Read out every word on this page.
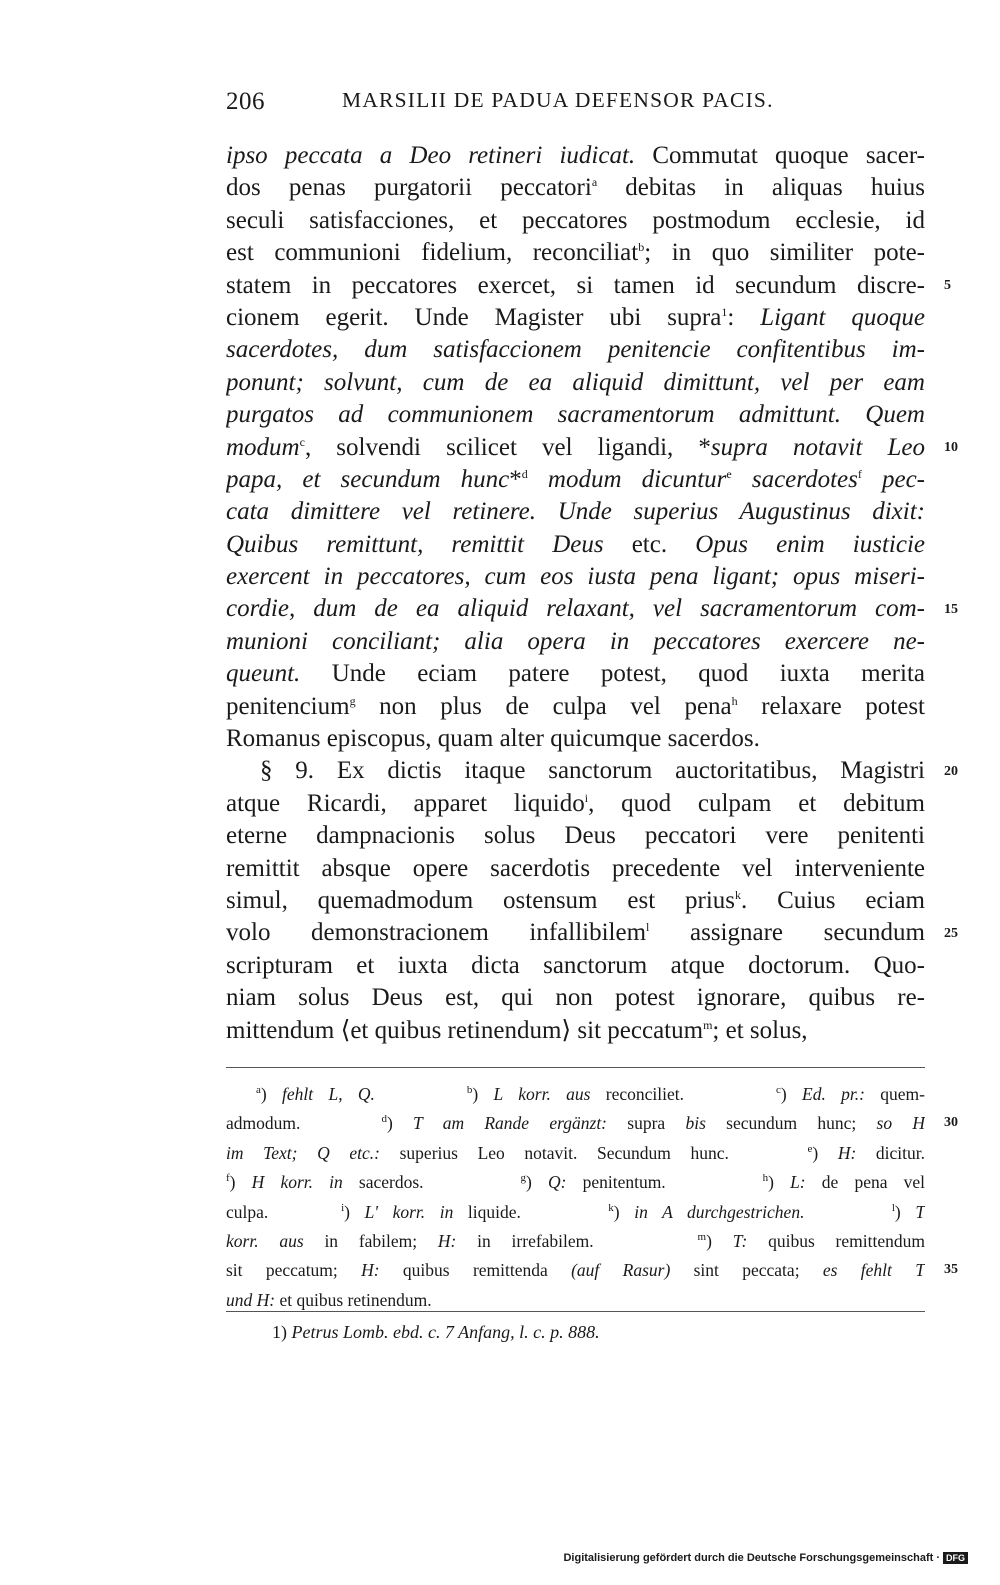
206	MARSILII DE PADUA DEFENSOR PACIS.
ipso peccata a Deo retineri iudicat. Commutat quoque sacer-
dos penas purgatorii peccatori$^a$ debitas in aliquas huius
seculi satisfacciones, et peccatores postmodum ecclesie, id
est communioni fidelium, reconciliat$^b$; in quo similiter pote-
statem in peccatores exercet, si tamen id secundum discre-
cionem egerit. Unde Magister ubi supra$^1$: Ligant quoque
sacerdotes, dum satisfaccionem penitencie confitentibus im-
ponunt; solvunt, cum de ea aliquid dimittunt, vel per eam
purgatos ad communionem sacramentorum admittunt. Quem
modum$^c$, solvendi scilicet vel ligandi, *supra notavit Leo
papa, et secundum hunc*$^d$ modum dicuntur$^e$ sacerdotes$^f$ pec-
cata dimittere vel retinere. Unde superius Augustinus dixit:
Quibus remittunt, remittit Deus etc. Opus enim iusticie
exercent in peccatores, cum eos iusta pena ligant; opus miseri-
cordie, dum de ea aliquid relaxant, vel sacramentorum com-
munioni conciliant; alia opera in peccatores exercere ne-
queunt. Unde eciam patere potest, quod iuxta merita
penitencium$^g$ non plus de culpa vel pena$^h$ relaxare potest
Romanus episcopus, quam alter quicumque sacerdos.
§ 9. Ex dictis itaque sanctorum auctoritatibus, Magistri
atque Ricardi, apparet liquido$^i$, quod culpam et debitum
eterne dampnacionis solus Deus peccatori vere penitenti
remittit absque opere sacerdotis precedente vel interveniente
simul, quemadmodum ostensum est prius$^k$. Cuius eciam
volo demonstracionem infallibilem$^l$ assignare secundum
scripturam et iuxta dicta sanctorum atque doctorum. Quo-
niam solus Deus est, qui non potest ignorare, quibus re-
mittendum ⟨et quibus retinendum⟩ sit peccatum$^m$; et solus,
5
10
15
20
25
30
35
$^a$) fehlt L, Q.	$^b$) L korr. aus reconciliet.      $^c$) Ed. pr.: quem-
admodum.    $^d$) T am Rande ergänzt: supra bis secundum hunc; so H
im Text; Q etc.: superius Leo notavit. Secundum hunc.    $^e$) H: dicitur.
$^f$) H korr. in sacerdos.      $^g$) Q: penitentum.      $^h$) L: de pena vel
culpa.     $^i$) L' korr. in liquide.      $^k$) in A durchgestrichen.	$^l$) T
korr. aus in fabilem; H: in irrefabilem.     $^m$) T: quibus remittendum
sit peccatum; H: quibus remittenda (auf Rasur) sint peccata; es fehlt T
und H: et quibus retinendum.
1) Petrus Lomb. ebd. c. 7 Anfang, l. c. p. 888.
Digitalisierung gefördert durch die Deutsche Forschungsgemeinschaft · DFG
